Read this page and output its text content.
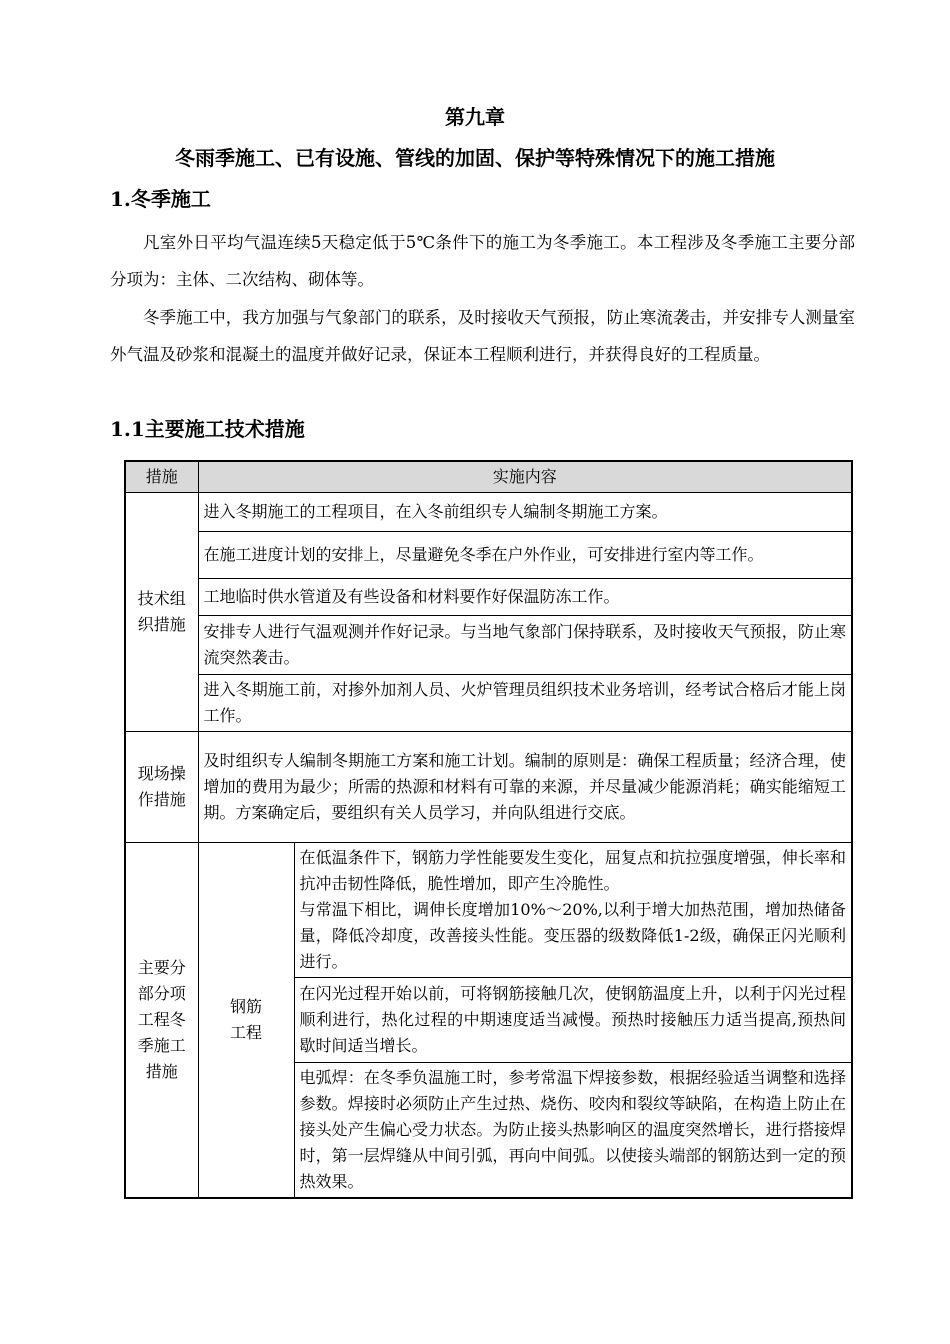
第九章
冬雨季施工、已有设施、管线的加固、保护等特殊情况下的施工措施
1.冬季施工

凡室外日平均气温连续5天稳定低于5℃条件下的施工为冬季施工。本工程涉及冬季施工主要分部分项为：主体、二次结构、砌体等。

冬季施工中，我方加强与气象部门的联系，及时接收天气预报，防止寒流袭击，并安排专人测量室外气温及砂浆和混凝土的温度并做好记录，保证本工程顺利进行，并获得良好的工程质量。

1.1主要施工技术措施
措施	实施内容	

技术组
织措施	进入冬期施工的工程项目，在入冬前组织专人编制冬期施工方案。	
	在施工进度计划的安排上，尽量避免冬季在户外作业，可安排进行室内等工作。	
	工地临时供水管道及有些设备和材料要作好保温防冻工作。	
	安排专人进行气温观测并作好记录。与当地气象部门保持联系，及时接收天气预报，防止寒流突然袭击。	
	进入冬期施工前，对掺外加剂人员、火炉管理员组织技术业务培训，经考试合格后才能上岗工作。	

现场操
作措施	及时组织专人编制冬期施工方案和施工计划。编制的原则是：确保工程质量；经济合理，使增加的费用为最少；所需的热源和材料有可靠的来源，并尽量减少能源消耗；确实能缩短工期。方案确定后，要组织有关人员学习，并向队组进行交底。	

主要分
部分项
工程冬
季施工
措施	钢筋
工程	在低温条件下，钢筋力学性能要发生变化，屈复点和抗拉强度增强，伸长率和抗冲击韧性降低，脆性增加，即产生冷脆性。
与常温下相比，调伸长度增加10%～20%,以利于增大加热范围，增加热储备量，降低冷却度，改善接头性能。变压器的级数降低1-2级，确保正闪光顺利进行。

		在闪光过程开始以前，可将钢筋接触几次，使钢筋温度上升，以利于闪光过程顺利进行，热化过程的中期速度适当减慢。预热时接触压力适当提高,预热间歇时间适当增长。
		电弧焊：在冬季负温施工时，参考常温下焊接参数，根据经验适当调整和选择参数。焊接时必须防止产生过热、烧伤、咬肉和裂纹等缺陷，在构造上防止在接头处产生偏心受力状态。为防止接头热影响区的温度突然增长，进行搭接焊时，第一层焊缝从中间引弧，再向中间弧。以使接头端部的钢筋达到一定的预热效果。
